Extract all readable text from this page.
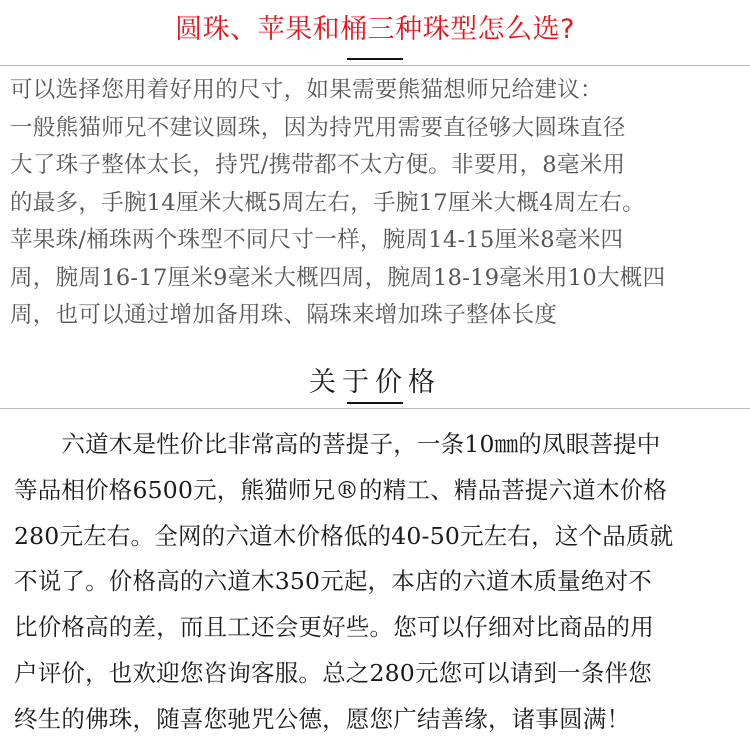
圆珠、苹果和桶三种珠型怎么选?

可以选择您用着好用的尺寸，如果需要熊猫想师兄给建议：

一般熊猫师兄不建议圆珠，因为持咒用需要直径够大圆珠直径

大了珠子整体太长，持咒/携带都不太方便。非要用，8毫米用

的最多，手腕14厘米大概5周左右，手腕17厘米大概4周左右。

苹果珠/桶珠两个珠型不同尺寸一样，腕周14-15厘米8毫米四

周，腕周16-17厘米9毫米大概四周，腕周18-19毫米用10大概四

周，也可以通过增加备用珠、隔珠来增加珠子整体长度

关于价格

　　六道木是性价比非常高的菩提子，一条10㎜的凤眼菩提中

等品相价格6500元，熊猫师兄®的精工、精品菩提六道木价格

280元左右。全网的六道木价格低的40-50元左右，这个品质就

不说了。价格高的六道木350元起，本店的六道木质量绝对不

比价格高的差，而且工还会更好些。您可以仔细对比商品的用

户评价，也欢迎您咨询客服。总之280元您可以请到一条伴您

终生的佛珠，随喜您驰咒公德，愿您广结善缘，诸事圆满！
